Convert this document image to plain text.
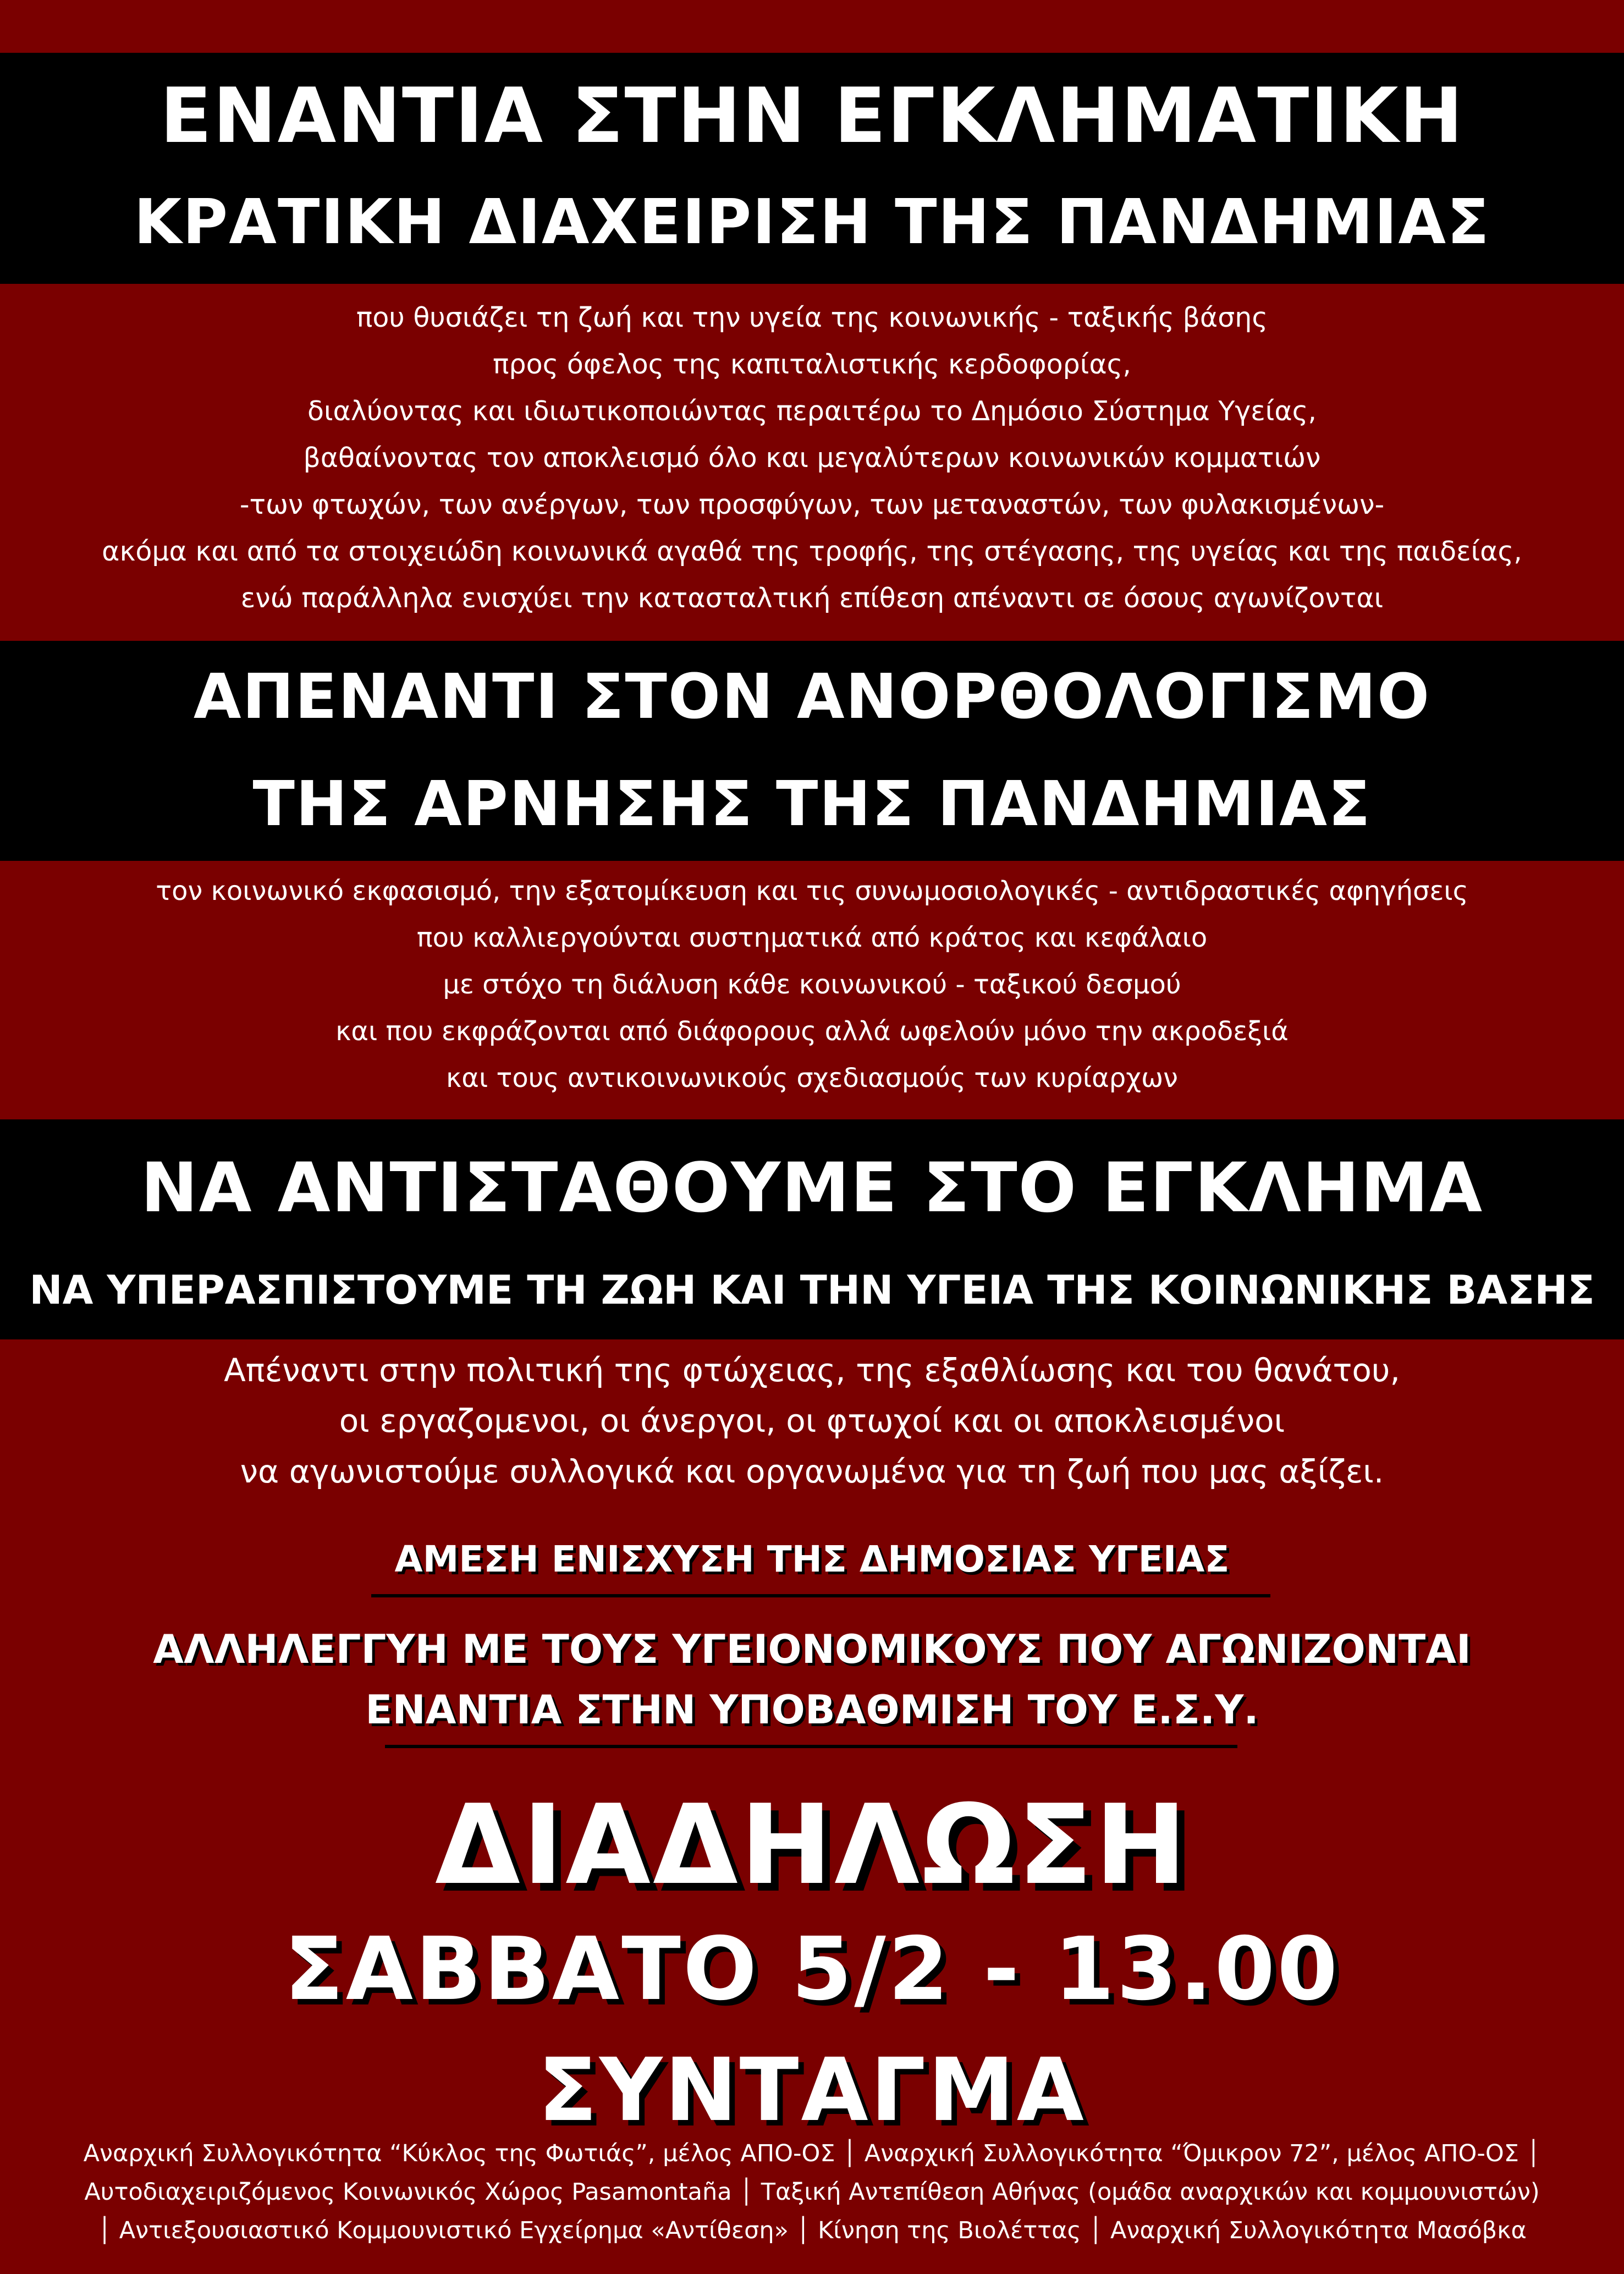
ΕΝΑΝΤΙΑ ΣΤΗΝ ΕΓΚΛΗΜΑΤΙΚΗ
ΚΡΑΤΙΚΗ ΔΙΑΧΕΙΡΙΣΗ ΤΗΣ ΠΑΝΔΗΜΙΑΣ
που θυσιάζει τη ζωή και την υγεία της κοινωνικής - ταξικής βάσης
προς όφελος της καπιταλιστικής κερδοφορίας,
διαλύοντας και ιδιωτικοποιώντας περαιτέρω το Δημόσιο Σύστημα Υγείας,
βαθαίνοντας τον αποκλεισμό όλο και μεγαλύτερων κοινωνικών κομματιών
-των φτωχών, των ανέργων, των προσφύγων, των μεταναστών, των φυλακισμένων-
ακόμα και από τα στοιχειώδη κοινωνικά αγαθά της τροφής, της στέγασης, της υγείας και της παιδείας,
ενώ παράλληλα ενισχύει την κατασταλτική επίθεση απέναντι σε όσους αγωνίζονται
ΑΠΕΝΑΝΤΙ ΣΤΟΝ ΑΝΟΡΘΟΛΟΓΙΣΜΟ
ΤΗΣ ΑΡΝΗΣΗΣ ΤΗΣ ΠΑΝΔΗΜΙΑΣ
τον κοινωνικό εκφασισμό, την εξατομίκευση και τις συνωμοσιολογικές - αντιδραστικές αφηγήσεις
που καλλιεργούνται συστηματικά από κράτος και κεφάλαιο
με στόχο τη διάλυση κάθε κοινωνικού - ταξικού δεσμού
και που εκφράζονται από διάφορους αλλά ωφελούν μόνο την ακροδεξιά
και τους αντικοινωνικούς σχεδιασμούς των κυρίαρχων
ΝΑ ΑΝΤΙΣΤΑΘΟΥΜΕ ΣΤΟ ΕΓΚΛΗΜΑ
ΝΑ ΥΠΕΡΑΣΠΙΣΤΟΥΜΕ ΤΗ ΖΩΗ ΚΑΙ ΤΗΝ ΥΓΕΙΑ ΤΗΣ ΚΟΙΝΩΝΙΚΗΣ ΒΑΣΗΣ
Απέναντι στην πολιτική της φτώχειας, της εξαθλίωσης και του θανάτου,
οι εργαζομενοι, οι άνεργοι, οι φτωχοί και οι αποκλεισμένοι
να αγωνιστούμε συλλογικά και οργανωμένα για τη ζωή που μας αξίζει.
ΑΜΕΣΗ ΕΝΙΣΧΥΣΗ ΤΗΣ ΔΗΜΟΣΙΑΣ ΥΓΕΙΑΣ
ΑΛΛΗΛΕΓΓΥΗ ΜΕ ΤΟΥΣ ΥΓΕΙΟΝΟΜΙΚΟΥΣ ΠΟΥ ΑΓΩΝΙΖΟΝΤΑΙ
ΕΝΑΝΤΙΑ ΣΤΗΝ ΥΠΟΒΑΘΜΙΣΗ ΤΟΥ Ε.Σ.Υ.
ΔΙΑΔΗΛΩΣΗ
ΣΑΒΒΑΤΟ 5/2 - 13.00
ΣΥΝΤΑΓΜΑ
Αναρχική Συλλογικότητα “Κύκλος της Φωτιάς”, μέλος ΑΠΟ-ΟΣ │ Αναρχική Συλλογικότητα “Όμικρον 72”, μέλος ΑΠΟ-ΟΣ │
Αυτοδιαχειριζόμενος Κοινωνικός Χώρος Pasamontaña │ Ταξική Αντεπίθεση Αθήνας (ομάδα αναρχικών και κομμουνιστών)
│ Αντιεξουσιαστικό Κομμουνιστικό Εγχείρημα «Αντίθεση» │ Κίνηση της Βιολέττας │ Αναρχική Συλλογικότητα Μασόβκα
